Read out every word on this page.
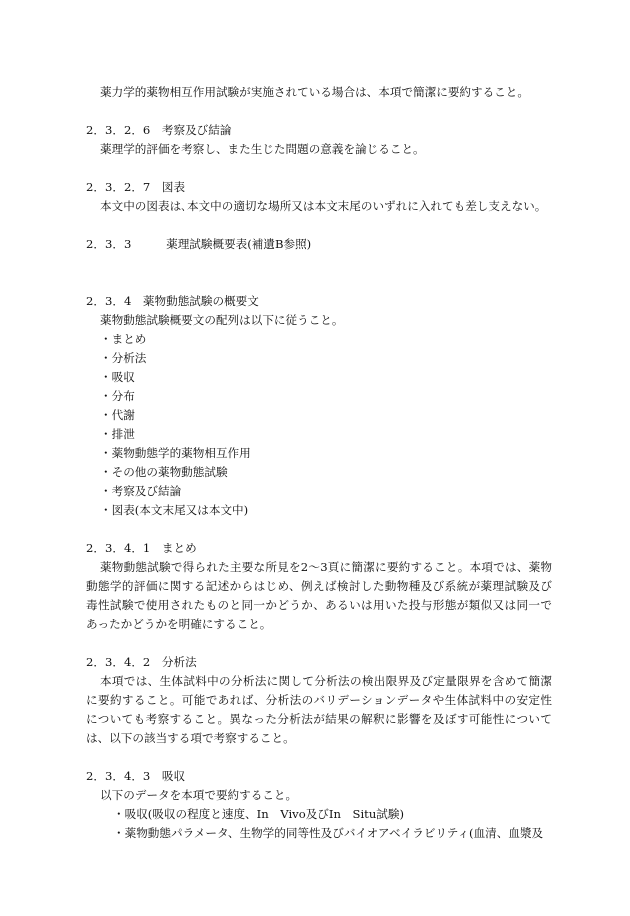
薬力学的薬物相互作用試験が実施されている場合は、本項で簡潔に要約すること。
2．3．2．6　考察及び結論
薬理学的評価を考察し、また生じた問題の意義を論じること。
2．3．2．7　図表
本文中の図表は､本文中の適切な場所又は本文末尾のいずれに入れても差し支えない。
2．3．3　　　薬理試験概要表(補遺B参照)
2．3．4　薬物動態試験の概要文
薬物動態試験概要文の配列は以下に従うこと。
・まとめ
・分析法
・吸収
・分布
・代謝
・排泄
・薬物動態学的薬物相互作用
・その他の薬物動態試験
・考察及び結論
・図表(本文末尾又は本文中)
2．3．4．1　まとめ
薬物動態試験で得られた主要な所見を2～3頁に簡潔に要約すること。本項では、薬物
動態学的評価に関する記述からはじめ、例えば検討した動物種及び系統が薬理試験及び
毒性試験で使用されたものと同一かどうか、あるいは用いた投与形態が類似又は同一で
あったかどうかを明確にすること。
2．3．4．2　分析法
本項では、生体試料中の分析法に関して分析法の検出限界及び定量限界を含めて簡潔
に要約すること。可能であれば、分析法のバリデーションデータや生体試料中の安定性
についても考察すること。異なった分析法が結果の解釈に影響を及ぼす可能性について
は、以下の該当する項で考察すること。
2．3．4．3　吸収
以下のデータを本項で要約すること。
・吸収(吸収の程度と速度、In　Vivo及びIn　Situ試験)
・薬物動態パラメータ、生物学的同等性及びバイオアベイラビリティ(血清、血漿及
